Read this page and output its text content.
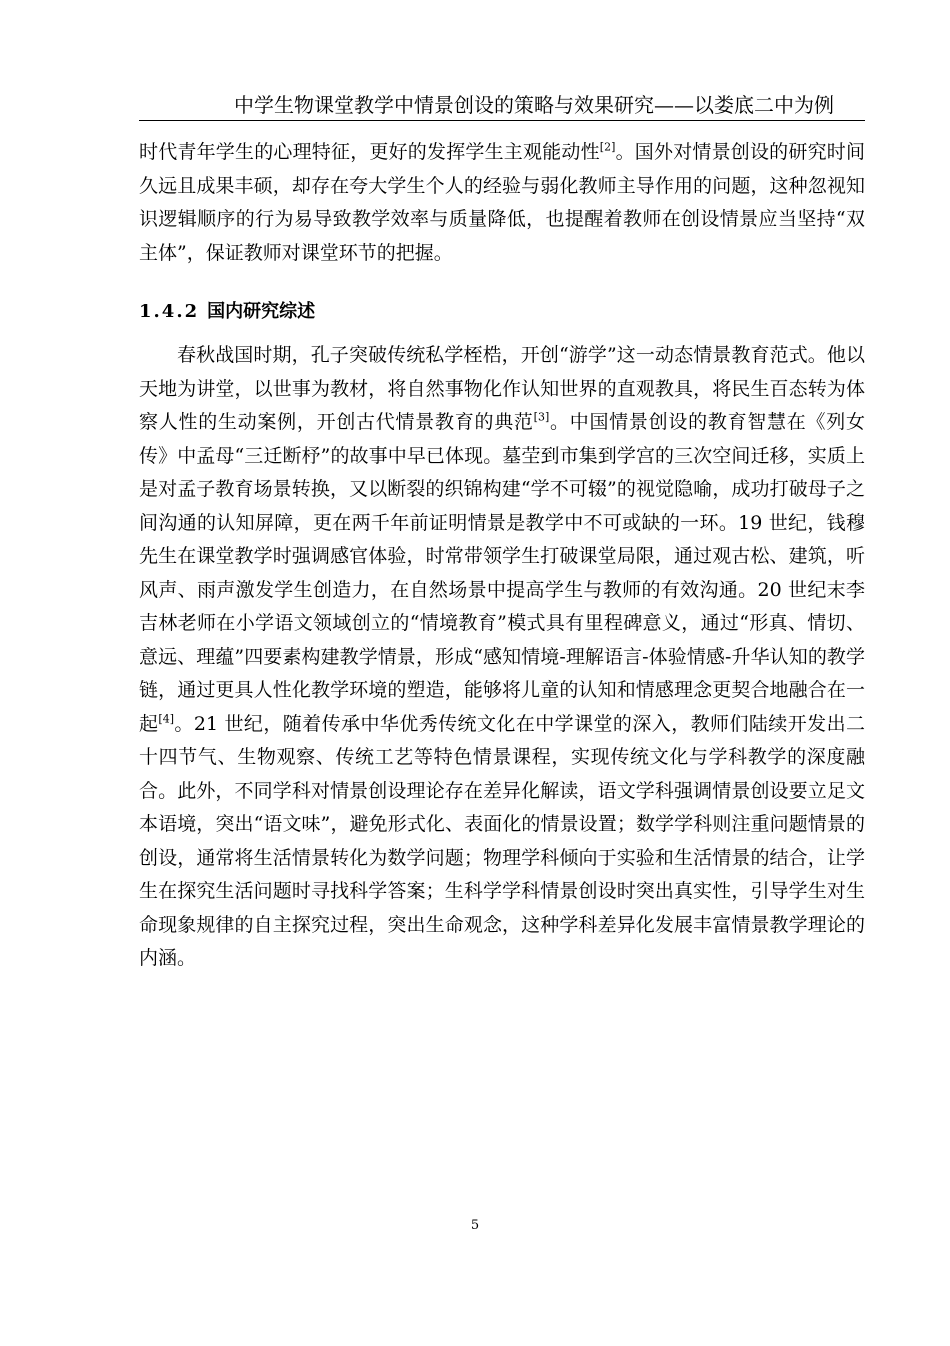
中学生物课堂教学中情景创设的策略与效果研究——以娄底二中为例

时代青年学生的心理特征，更好的发挥学生主观能动性[2]。国外对情景创设的研究时间久远且成果丰硕，却存在夸大学生个人的经验与弱化教师主导作用的问题，这种忽视知识逻辑顺序的行为易导致教学效率与质量降低，也提醒着教师在创设情景应当坚持“双主体”，保证教师对课堂环节的把握。

1.4.2 国内研究综述

春秋战国时期，孔子突破传统私学桎梏，开创“游学”这一动态情景教育范式。他以天地为讲堂，以世事为教材，将自然事物化作认知世界的直观教具，将民生百态转为体察人性的生动案例，开创古代情景教育的典范[3]。中国情景创设的教育智慧在《列女传》中孟母“三迁断杼”的故事中早已体现。墓茔到市集到学宫的三次空间迁移，实质上是对孟子教育场景转换，又以断裂的织锦构建“学不可辍”的视觉隐喻，成功打破母子之间沟通的认知屏障，更在两千年前证明情景是教学中不可或缺的一环。19 世纪，钱穆先生在课堂教学时强调感官体验，时常带领学生打破课堂局限，通过观古松、建筑，听风声、雨声激发学生创造力，在自然场景中提高学生与教师的有效沟通。20 世纪末李吉林老师在小学语文领域创立的“情境教育”模式具有里程碑意义，通过“形真、情切、意远、理蕴”四要素构建教学情景，形成“感知情境-理解语言-体验情感-升华认知的教学链，通过更具人性化教学环境的塑造，能够将儿童的认知和情感理念更契合地融合在一起[4]。21 世纪，随着传承中华优秀传统文化在中学课堂的深入，教师们陆续开发出二十四节气、生物观察、传统工艺等特色情景课程，实现传统文化与学科教学的深度融合。此外，不同学科对情景创设理论存在差异化解读，语文学科强调情景创设要立足文本语境，突出“语文味”，避免形式化、表面化的情景设置；数学学科则注重问题情景的创设，通常将生活情景转化为数学问题；物理学科倾向于实验和生活情景的结合，让学生在探究生活问题时寻找科学答案；生科学学科情景创设时突出真实性，引导学生对生命现象规律的自主探究过程，突出生命观念，这种学科差异化发展丰富情景教学理论的内涵。

5
